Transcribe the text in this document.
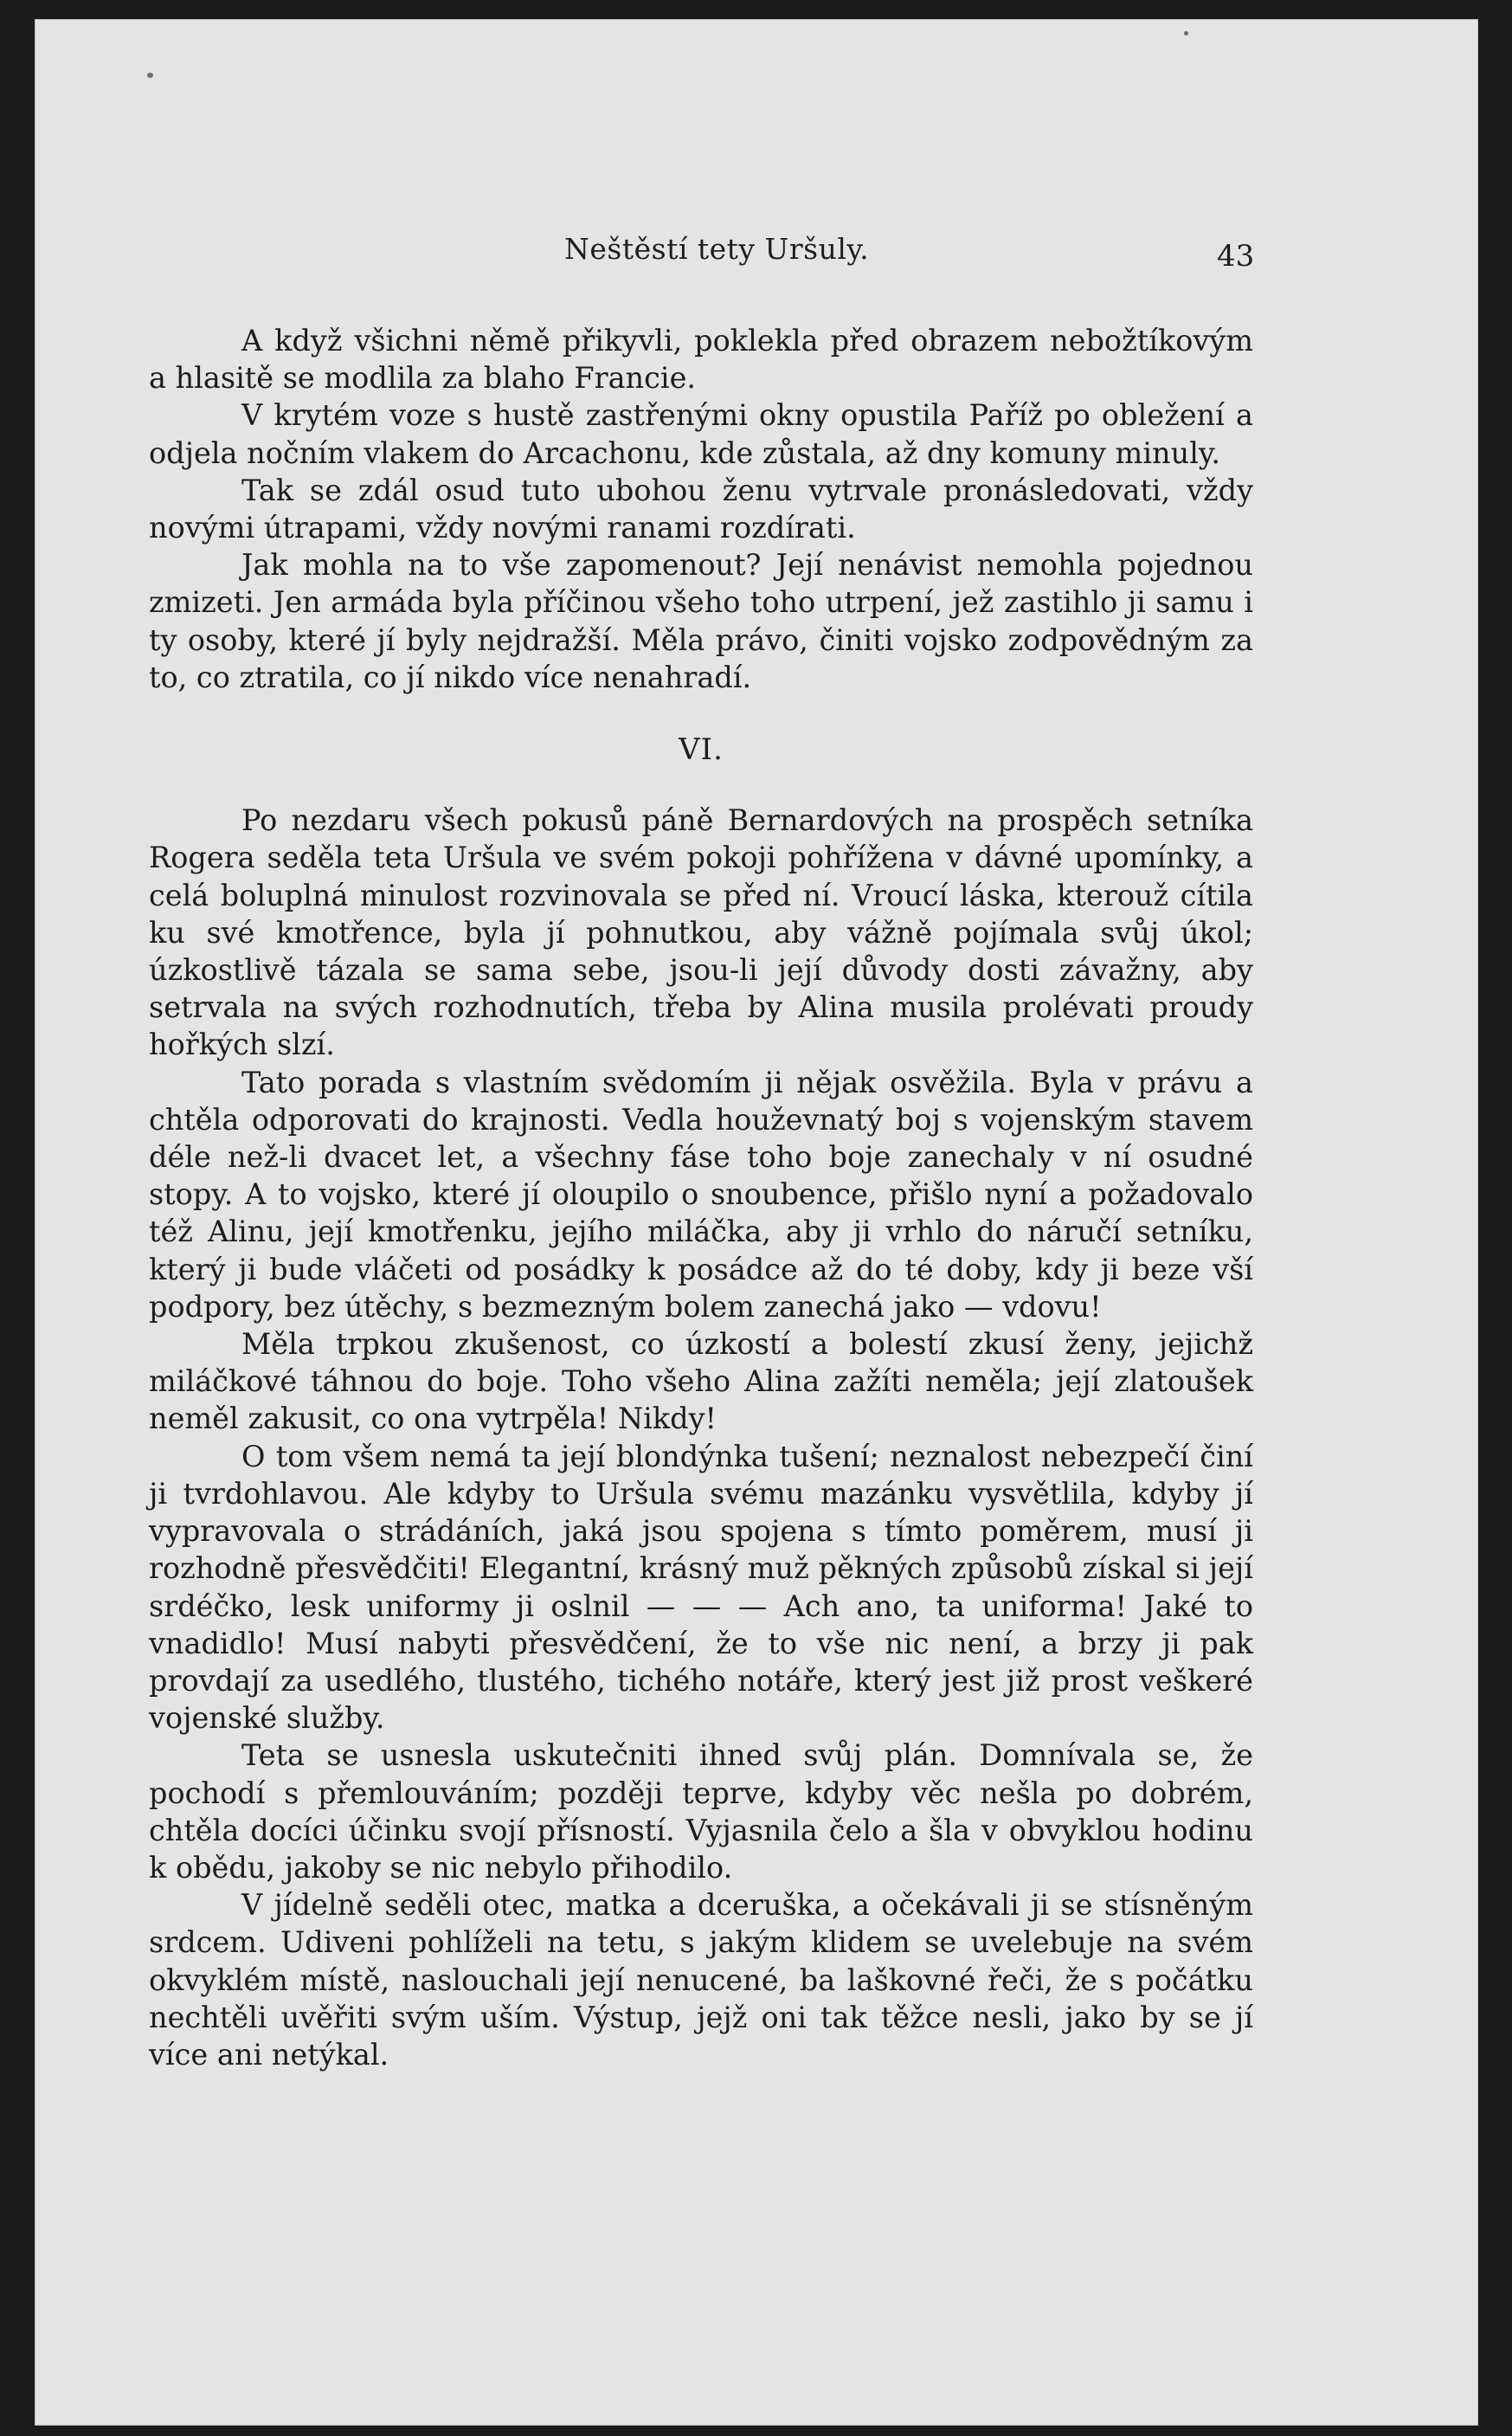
Neštěstí tety Uršuly.	43

A když všichni němě přikyvli, poklekla před obrazem nebožtíkovým a hlasitě se modlila za blaho Francie.

V krytém voze s hustě zastřenými okny opustila Paříž po obležení a odjela nočním vlakem do Arcachonu, kde zůstala, až dny komuny minuly.

Tak se zdál osud tuto ubohou ženu vytrvale pronásledovati, vždy novými útrapami, vždy novými ranami rozdírati.

Jak mohla na to vše zapomenout? Její nenávist nemohla pojednou zmizeti. Jen armáda byla příčinou všeho toho utrpení, jež zastihlo ji samu i ty osoby, které jí byly nejdražší. Měla právo, činiti vojsko zodpovědným za to, co ztratila, co jí nikdo více nenahradí.

VI.

Po nezdaru všech pokusů páně Bernardových na prospěch setníka Rogera seděla teta Uršula ve svém pokoji pohřížena v dávné upomínky, a celá boluplná minulost rozvinovala se před ní. Vroucí láska, kterouž cítila ku své kmotřence, byla jí pohnutkou, aby vážně pojímala svůj úkol; úzkostlivě tázala se sama sebe, jsou-li její důvody dosti závažny, aby setrvala na svých rozhodnutích, třeba by Alina musila prolévati proudy hořkých slzí.

Tato porada s vlastním svědomím ji nějak osvěžila. Byla v právu a chtěla odporovati do krajnosti. Vedla houževnatý boj s vojenským stavem déle než-li dvacet let, a všechny fáse toho boje zanechaly v ní osudné stopy. A to vojsko, které jí oloupilo o snoubence, přišlo nyní a požadovalo též Alinu, její kmotřenku, jejího miláčka, aby ji vrhlo do náručí setníku, který ji bude vláčeti od posádky k posádce až do té doby, kdy ji beze vší podpory, bez útěchy, s bezmezným bolem zanechá jako — vdovu!

Měla trpkou zkušenost, co úzkostí a bolestí zkusí ženy, jejichž miláčkové táhnou do boje. Toho všeho Alina zažíti neměla; její zlatoušek neměl zakusit, co ona vytrpěla! Nikdy!

O tom všem nemá ta její blondýnka tušení; neznalost nebezpečí činí ji tvrdohlavou. Ale kdyby to Uršula svému mazánku vysvětlila, kdyby jí vypravovala o strádáních, jaká jsou spojena s tímto poměrem, musí ji rozhodně přesvědčiti! Elegantní, krásný muž pěkných způsobů získal si její srdéčko, lesk uniformy ji oslnil — — — Ach ano, ta uniforma! Jaké to vnadidlo! Musí nabyti přesvědčení, že to vše nic není, a brzy ji pak provdají za usedlého, tlustého, tichého notáře, který jest již prost veškeré vojenské služby.

Teta se usnesla uskutečniti ihned svůj plán. Domnívala se, že pochodí s přemlouváním; později teprve, kdyby věc nešla po dobrém, chtěla docíci účinku svojí přísností. Vyjasnila čelo a šla v obvyklou hodinu k obědu, jakoby se nic nebylo přihodilo.

V jídelně seděli otec, matka a dceruška, a očekávali ji se stísněným srdcem. Udiveni pohlíželi na tetu, s jakým klidem se uvelebuje na svém okvyklém místě, naslouchali její nenucené, ba laškovné řeči, že s počátku nechtěli uvěřiti svým uším. Výstup, jejž oni tak těžce nesli, jako by se jí více ani netýkal.
